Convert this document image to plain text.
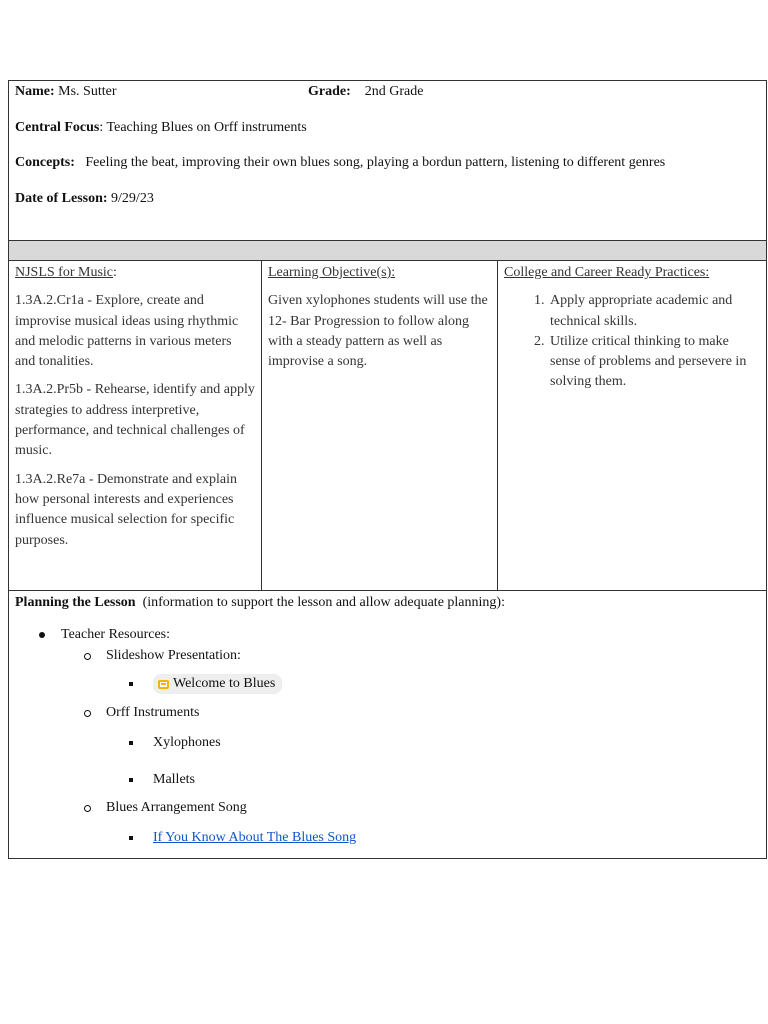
Name: Ms. Sutter	Grade: 2nd Grade
Central Focus: Teaching Blues on Orff instruments
Concepts: Feeling the beat, improving their own blues song, playing a bordun pattern, listening to different genres
Date of Lesson: 9/29/23

NJSLS for Music:

1.3A.2.Cr1a - Explore, create and improvise musical ideas using rhythmic and melodic patterns in various meters and tonalities.

1.3A.2.Pr5b - Rehearse, identify and apply strategies to address interpretive, performance, and technical challenges of music.

1.3A.2.Re7a - Demonstrate and explain how personal interests and experiences influence musical selection for specific purposes.

Learning Objective(s):

Given xylophones students will use the 12- Bar Progression to follow along with a steady pattern as well as improvise a song.

College and Career Ready Practices:

1. Apply appropriate academic and technical skills.
2. Utilize critical thinking to make sense of problems and persevere in solving them.

Planning the Lesson (information to support the lesson and allow adequate planning):

Teacher Resources:
Slideshow Presentation:
Welcome to Blues
Orff Instruments
Xylophones
Mallets
Blues Arrangement Song
If You Know About The Blues Song
